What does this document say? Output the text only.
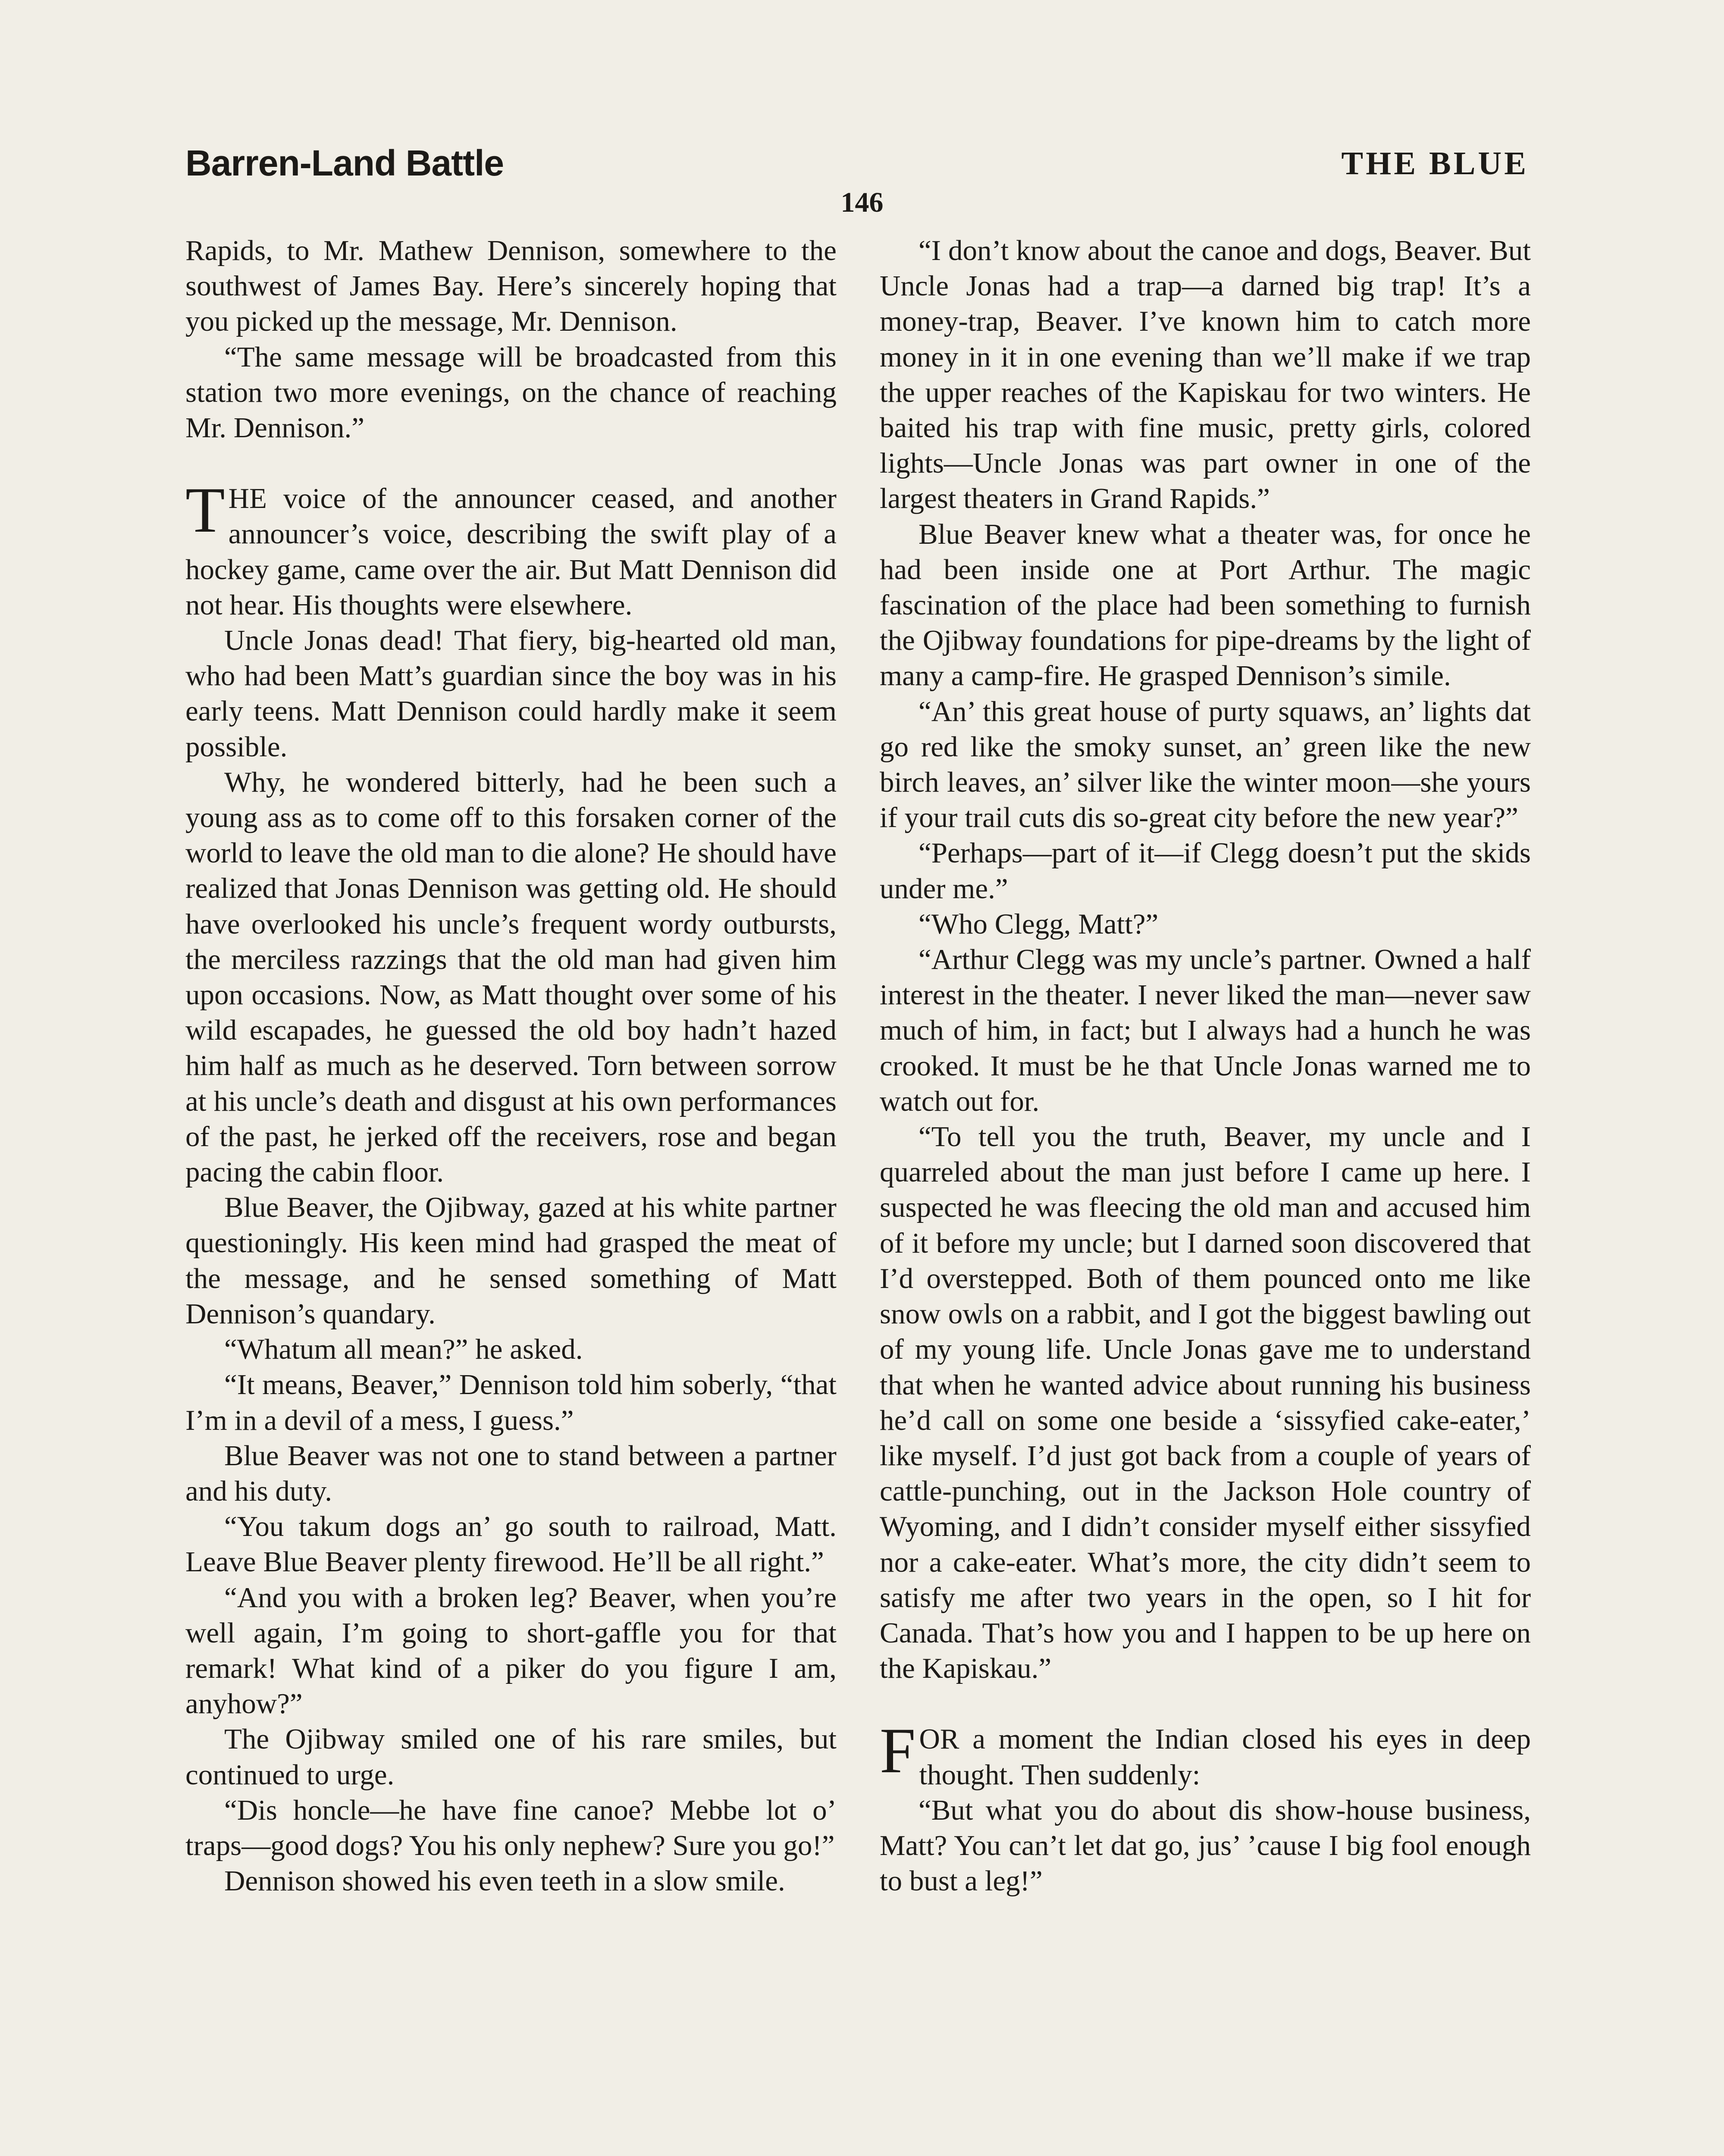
Barren-Land Battle	THE BLUE
146

Rapids, to Mr. Mathew Dennison, somewhere to the southwest of James Bay. Here’s sincerely hoping that you picked up the message, Mr. Dennison.

“The same message will be broadcasted from this station two more evenings, on the chance of reaching Mr. Dennison.”

THE voice of the announcer ceased, and another announcer’s voice, describing the swift play of a hockey game, came over the air. But Matt Dennison did not hear. His thoughts were elsewhere.

Uncle Jonas dead! That fiery, big-hearted old man, who had been Matt’s guardian since the boy was in his early teens. Matt Dennison could hardly make it seem possible.

Why, he wondered bitterly, had he been such a young ass as to come off to this forsaken corner of the world to leave the old man to die alone? He should have realized that Jonas Dennison was getting old. He should have overlooked his uncle’s frequent wordy outbursts, the merciless razzings that the old man had given him upon occasions. Now, as Matt thought over some of his wild escapades, he guessed the old boy hadn’t hazed him half as much as he deserved. Torn between sorrow at his uncle’s death and disgust at his own performances of the past, he jerked off the receivers, rose and began pacing the cabin floor.

Blue Beaver, the Ojibway, gazed at his white partner questioningly. His keen mind had grasped the meat of the message, and he sensed something of Matt Dennison’s quandary.

“Whatum all mean?” he asked.

“It means, Beaver,” Dennison told him soberly, “that I’m in a devil of a mess, I guess.”

Blue Beaver was not one to stand between a partner and his duty.

“You takum dogs an’ go south to railroad, Matt. Leave Blue Beaver plenty firewood. He’ll be all right.”

“And you with a broken leg? Beaver, when you’re well again, I’m going to short-gaffle you for that remark! What kind of a piker do you figure I am, anyhow?”

The Ojibway smiled one of his rare smiles, but continued to urge.

“Dis honcle—he have fine canoe? Mebbe lot o’ traps—good dogs? You his only nephew? Sure you go!”

Dennison showed his even teeth in a slow smile.

“I don’t know about the canoe and dogs, Beaver. But Uncle Jonas had a trap—a darned big trap! It’s a money-trap, Beaver. I’ve known him to catch more money in it in one evening than we’ll make if we trap the upper reaches of the Kapiskau for two winters. He baited his trap with fine music, pretty girls, colored lights—Uncle Jonas was part owner in one of the largest theaters in Grand Rapids.”

Blue Beaver knew what a theater was, for once he had been inside one at Port Arthur. The magic fascination of the place had been something to furnish the Ojibway foundations for pipe-dreams by the light of many a camp-fire. He grasped Dennison’s simile.

“An’ this great house of purty squaws, an’ lights dat go red like the smoky sunset, an’ green like the new birch leaves, an’ silver like the winter moon—she yours if your trail cuts dis so-great city before the new year?”

“Perhaps—part of it—if Clegg doesn’t put the skids under me.”

“Who Clegg, Matt?”

“Arthur Clegg was my uncle’s partner. Owned a half interest in the theater. I never liked the man—never saw much of him, in fact; but I always had a hunch he was crooked. It must be he that Uncle Jonas warned me to watch out for.

“To tell you the truth, Beaver, my uncle and I quarreled about the man just before I came up here. I suspected he was fleecing the old man and accused him of it before my uncle; but I darned soon discovered that I’d overstepped. Both of them pounced onto me like snow owls on a rabbit, and I got the biggest bawling out of my young life. Uncle Jonas gave me to understand that when he wanted advice about running his business he’d call on some one beside a ‘sissyfied cake-eater,’ like myself. I’d just got back from a couple of years of cattle-punching, out in the Jackson Hole country of Wyoming, and I didn’t consider myself either sissyfied nor a cake-eater. What’s more, the city didn’t seem to satisfy me after two years in the open, so I hit for Canada. That’s how you and I happen to be up here on the Kapiskau.”

FOR a moment the Indian closed his eyes in deep thought. Then suddenly:

“But what you do about dis show-house business, Matt? You can’t let dat go, jus’ ’cause I big fool enough to bust a leg!”
